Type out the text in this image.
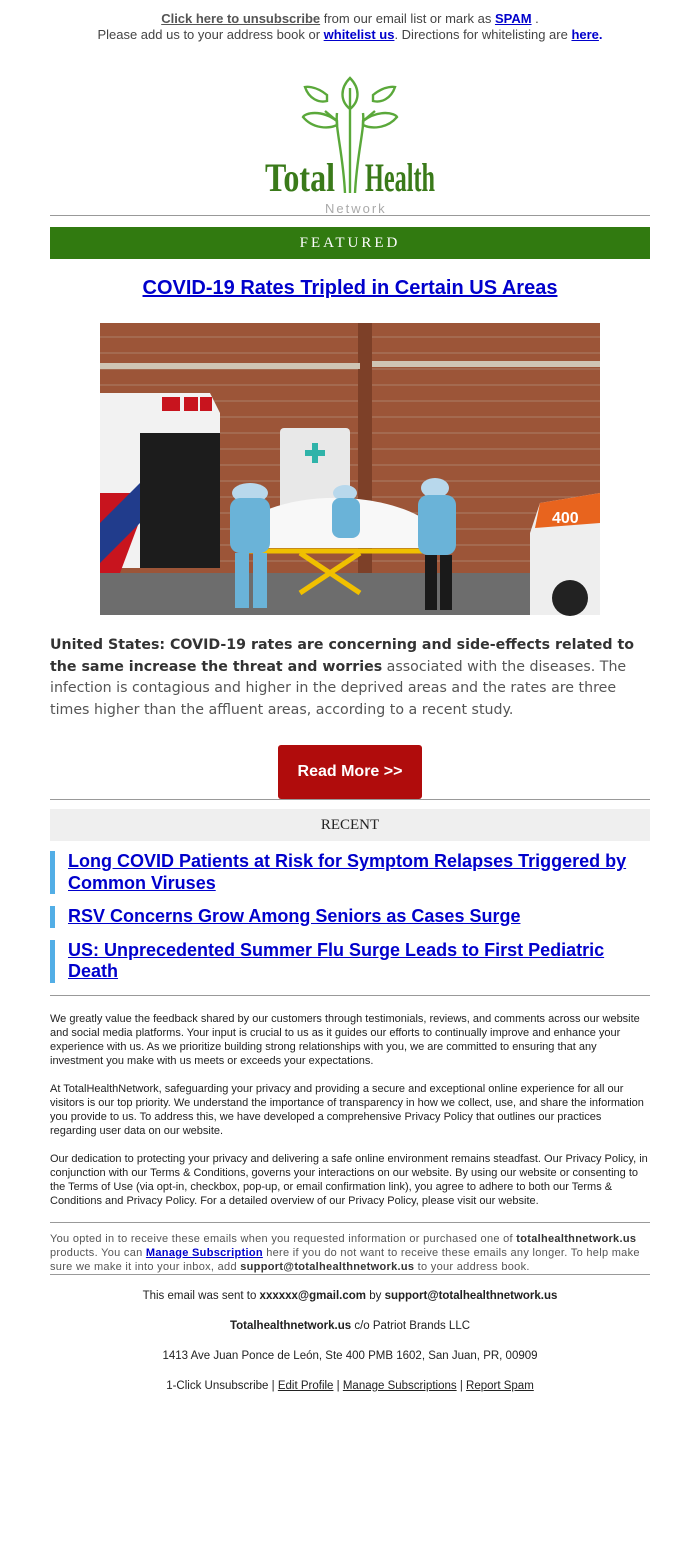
Click here to unsubscribe from our email list or mark as SPAM .
Please add us to your address book or whitelist us. Directions for whitelisting are here.
Total Health
Network
FEATURED
COVID-19 Rates Tripled in Certain US Areas
400
United States: COVID-19 rates are concerning and side-effects related to the same increase the threat and worries associated with the diseases. The infection is contagious and higher in the deprived areas and the rates are three times higher than the affluent areas, according to a recent study.
Read More >>
RECENT
Long COVID Patients at Risk for Symptom Relapses Triggered by Common Viruses
RSV Concerns Grow Among Seniors as Cases Surge
US: Unprecedented Summer Flu Surge Leads to First Pediatric Death

We greatly value the feedback shared by our customers through testimonials, reviews, and comments across our website and social media platforms. Your input is crucial to us as it guides our efforts to continually improve and enhance your experience with us. As we prioritize building strong relationships with you, we are committed to ensuring that any investment you make with us meets or exceeds your expectations.

At TotalHealthNetwork, safeguarding your privacy and providing a secure and exceptional online experience for all our visitors is our top priority. We understand the importance of transparency in how we collect, use, and share the information you provide to us. To address this, we have developed a comprehensive Privacy Policy that outlines our practices regarding user data on our website.

Our dedication to protecting your privacy and delivering a safe online environment remains steadfast. Our Privacy Policy, in conjunction with our Terms & Conditions, governs your interactions on our website. By using our website or consenting to the Terms of Use (via opt-in, checkbox, pop-up, or email confirmation link), you agree to adhere to both our Terms & Conditions and Privacy Policy. For a detailed overview of our Privacy Policy, please visit our website.

You opted in to receive these emails when you requested information or purchased one of totalhealthnetwork.us products. You can Manage Subscription here if you do not want to receive these emails any longer. To help make sure we make it into your inbox, add support@totalhealthnetwork.us to your address book.

This email was sent to xxxxxx@gmail.com by support@totalhealthnetwork.us

Totalhealthnetwork.us c/o Patriot Brands LLC

1413 Ave Juan Ponce de León, Ste 400 PMB 1602, San Juan, PR, 00909

1-Click Unsubscribe | Edit Profile | Manage Subscriptions | Report Spam
